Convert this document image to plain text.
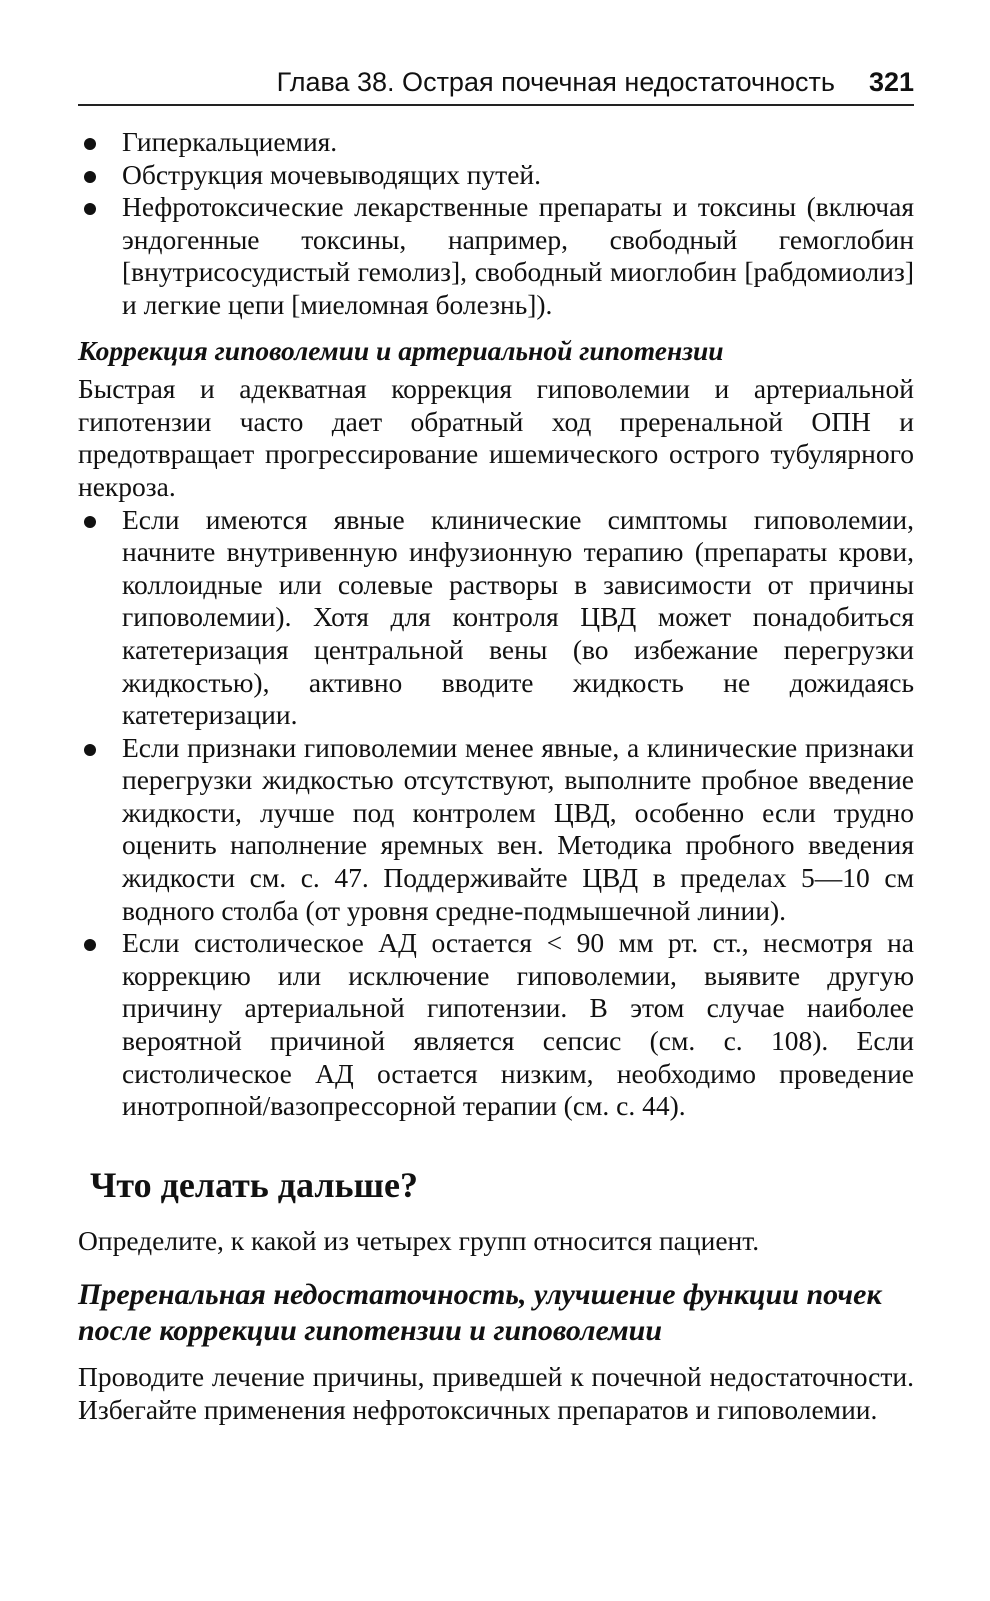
Глава 38. Острая почечная недостаточность 321
Гиперкальциемия.
Обструкция мочевыводящих путей.
Нефротоксические лекарственные препараты и токсины (включая эндогенные токсины, например, свободный гемоглобин [внутрисосудистый гемолиз], свободный миоглобин [рабдомиолиз] и легкие цепи [миеломная болезнь]).
Коррекция гиповолемии и артериальной гипотензии

Быстрая и адекватная коррекция гиповолемии и артериальной гипотензии часто дает обратный ход преренальной ОПН и предотвращает прогрессирование ишемического острого тубулярного некроза.

Если имеются явные клинические симптомы гиповолемии, начните внутривенную инфузионную терапию (препараты крови, коллоидные или солевые растворы в зависимости от причины гиповолемии). Хотя для контроля ЦВД может понадобиться катетеризация центральной вены (во избежание перегрузки жидкостью), активно вводите жидкость не дожидаясь катетеризации.
Если признаки гиповолемии менее явные, а клинические признаки перегрузки жидкостью отсутствуют, выполните пробное введение жидкости, лучше под контролем ЦВД, особенно если трудно оценить наполнение яремных вен. Методика пробного введения жидкости см. с. 47. Поддерживайте ЦВД в пределах 5—10 см водного столба (от уровня средне-подмышечной линии).
Если систолическое АД остается < 90 мм рт. ст., несмотря на коррекцию или исключение гиповолемии, выявите другую причину артериальной гипотензии. В этом случае наиболее вероятной причиной является сепсис (см. с. 108). Если систолическое АД остается низким, необходимо проведение инотропной/вазопрессорной терапии (см. с. 44).
Что делать дальше?

Определите, к какой из четырех групп относится пациент.

Преренальная недостаточность, улучшение функции почек после коррекции гипотензии и гиповолемии

Проводите лечение причины, приведшей к почечной недостаточности. Избегайте применения нефротоксичных препаратов и гиповолемии.
